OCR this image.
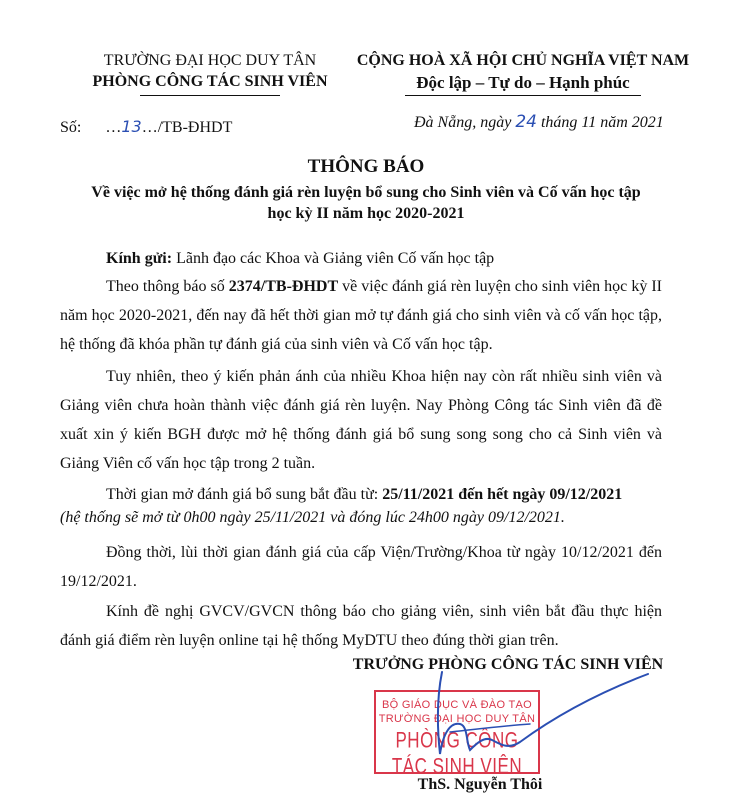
TRƯỜNG ĐẠI HỌC DUY TÂN
PHÒNG CÔNG TÁC SINH VIÊN
CỘNG HOÀ XÃ HỘI CHỦ NGHĨA VIỆT NAM
Độc lập – Tự do – Hạnh phúc
Số: …13…/TB-ĐHDT	Đà Nẵng, ngày 24 tháng 11 năm 2021
THÔNG BÁO
Về việc mở hệ thống đánh giá rèn luyện bổ sung cho Sinh viên và Cố vấn học tập
học kỳ II năm học 2020-2021
Kính gửi: Lãnh đạo các Khoa và Giảng viên Cố vấn học tập
Theo thông báo số 2374/TB-ĐHDT về việc đánh giá rèn luyện cho sinh viên học kỳ II năm học 2020-2021, đến nay đã hết thời gian mở tự đánh giá cho sinh viên và cố vấn học tập, hệ thống đã khóa phần tự đánh giá của sinh viên và Cố vấn học tập.
Tuy nhiên, theo ý kiến phản ánh của nhiều Khoa hiện nay còn rất nhiều sinh viên và Giảng viên chưa hoàn thành việc đánh giá rèn luyện. Nay Phòng Công tác Sinh viên đã đề xuất xin ý kiến BGH được mở hệ thống đánh giá bổ sung song song cho cả Sinh viên và Giảng Viên cố vấn học tập trong 2 tuần.
Thời gian mở đánh giá bổ sung bắt đầu từ: 25/11/2021 đến hết ngày 09/12/2021
(hệ thống sẽ mở từ 0h00 ngày 25/11/2021 và đóng lúc 24h00 ngày 09/12/2021.
Đồng thời, lùi thời gian đánh giá của cấp Viện/Trường/Khoa từ ngày 10/12/2021 đến 19/12/2021.
Kính đề nghị GVCV/GVCN thông báo cho giảng viên, sinh viên bắt đầu thực hiện đánh giá điểm rèn luyện online tại hệ thống MyDTU theo đúng thời gian trên.
TRƯỞNG PHÒNG CÔNG TÁC SINH VIÊN
BỘ GIÁO DỤC VÀ ĐÀO TẠO
TRƯỜNG ĐẠI HỌC DUY TÂN
PHÒNG CÔNG TÁC SINH VIÊN
ThS. Nguyễn Thôi
